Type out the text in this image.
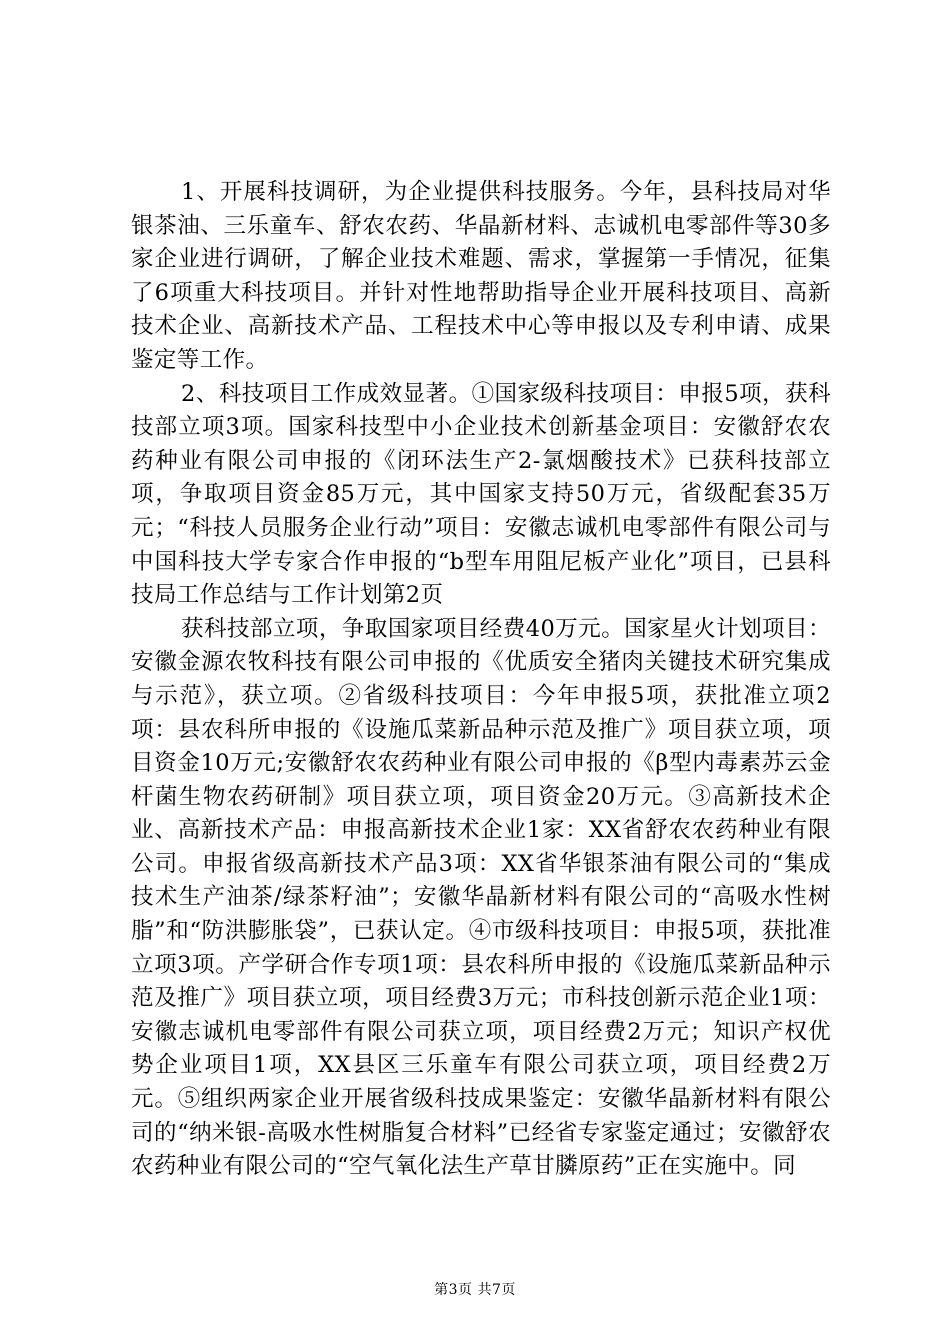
1、开展科技调研，为企业提供科技服务。今年，县科技局对华银茶油、三乐童车、舒农农药、华晶新材料、志诚机电零部件等30多家企业进行调研，了解企业技术难题、需求，掌握第一手情况，征集了6项重大科技项目。并针对性地帮助指导企业开展科技项目、高新技术企业、高新技术产品、工程技术中心等申报以及专利申请、成果鉴定等工作。

2、科技项目工作成效显著。①国家级科技项目：申报5项，获科技部立项3项。国家科技型中小企业技术创新基金项目：安徽舒农农药种业有限公司申报的《闭环法生产2-氯烟酸技术》已获科技部立项，争取项目资金85万元，其中国家支持50万元，省级配套35万元；“科技人员服务企业行动”项目：安徽志诚机电零部件有限公司与中国科技大学专家合作申报的“b型车用阻尼板产业化”项目，已县科技局工作总结与工作计划第2页

获科技部立项，争取国家项目经费40万元。国家星火计划项目：安徽金源农牧科技有限公司申报的《优质安全猪肉关键技术研究集成与示范》，获立项。②省级科技项目：今年申报5项，获批准立项2项：县农科所申报的《设施瓜菜新品种示范及推广》项目获立项，项目资金10万元;安徽舒农农药种业有限公司申报的《β型内毒素苏云金杆菌生物农药研制》项目获立项，项目资金20万元。③高新技术企业、高新技术产品：申报高新技术企业1家：XX省舒农农药种业有限公司。申报省级高新技术产品3项：XX省华银茶油有限公司的“集成技术生产油茶/绿茶籽油”；安徽华晶新材料有限公司的“高吸水性树脂”和“防洪膨胀袋”，已获认定。④市级科技项目：申报5项，获批准立项3项。产学研合作专项1项：县农科所申报的《设施瓜菜新品种示范及推广》项目获立项，项目经费3万元；市科技创新示范企业1项：安徽志诚机电零部件有限公司获立项，项目经费2万元；知识产权优势企业项目1项，XX县区三乐童车有限公司获立项，项目经费2万元。⑤组织两家企业开展省级科技成果鉴定：安徽华晶新材料有限公司的“纳米银-高吸水性树脂复合材料”已经省专家鉴定通过；安徽舒农农药种业有限公司的“空气氧化法生产草甘膦原药”正在实施中。同

第3页 共7页
